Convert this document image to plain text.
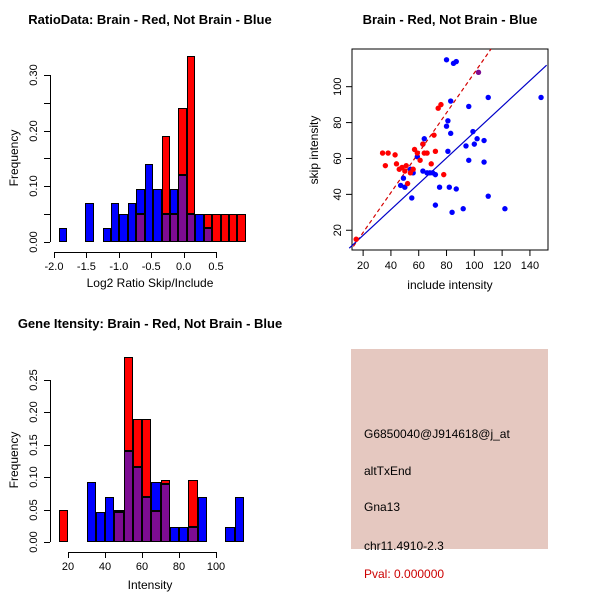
RatioData: Brain - Red, Not Brain - Blue
Frequency
Log2 Ratio Skip/Include
0.00
0.10
0.20
0.30
-2.0 -1.5 -1.0 -0.5 0.0 0.5
Brain - Red, Not Brain - Blue
skip intensity
include intensity
20 40 60 80 100 120 140
20
40
60
80
100
Gene Itensity: Brain - Red, Not Brain - Blue
Frequency
Intensity
0.00
0.05
0.10
0.15
0.20
0.25
20 40 60 80 100
G6850040@J914618@j_at
altTxEnd
Gna13
chr11.4910-2.3
Pval: 0.000000
